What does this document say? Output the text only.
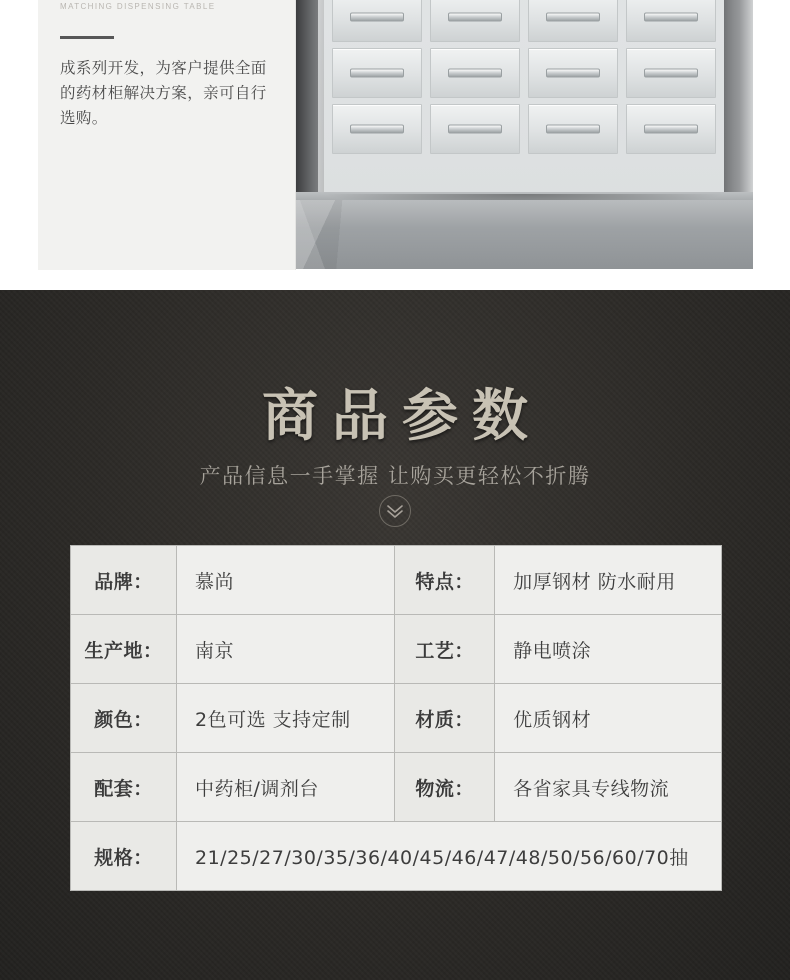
MATCHING DISPENSING TABLE
成系列开发，为客户提供全面的药材柜解决方案，亲可自行选购。
商品参数
产品信息一手掌握 让购买更轻松不折腾
品牌：	慕尚	特点：	加厚钢材 防水耐用
生产地：	南京	工艺：	静电喷涂
颜色：	2色可选 支持定制	材质：	优质钢材
配套：	中药柜/调剂台	物流：	各省家具专线物流
规格：	21/25/27/30/35/36/40/45/46/47/48/50/56/60/70抽		
